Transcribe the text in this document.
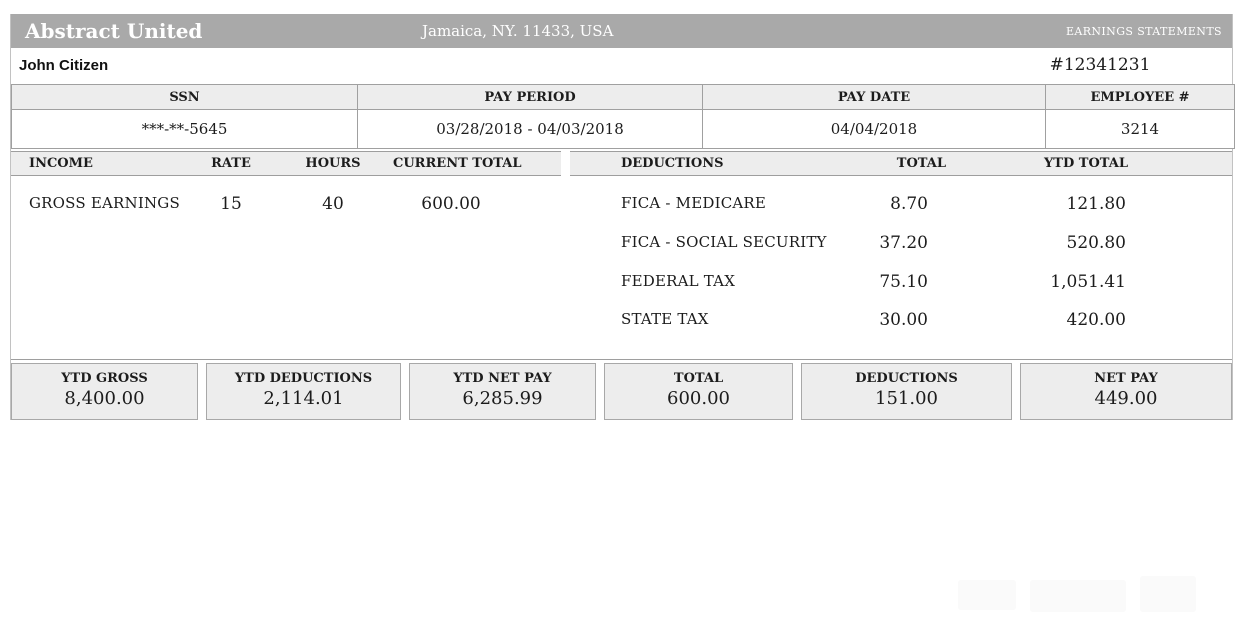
Abstract United	Jamaica, NY. 11433, USA	EARNINGS STATEMENTS
John Citizen	#12341231
SSN	PAY PERIOD	PAY DATE	EMPLOYEE #
***-**-5645	03/28/2018 - 04/03/2018	04/04/2018	3214
INCOME	RATE	HOURS	CURRENT TOTAL	DEDUCTIONS	TOTAL	YTD TOTAL
GROSS EARNINGS	15	40	600.00	FICA - MEDICARE	8.70	121.80
FICA - SOCIAL SECURITY	37.20	520.80
FEDERAL TAX	75.10	1,051.41
STATE TAX	30.00	420.00
YTD GROSS
8,400.00
YTD DEDUCTIONS
2,114.01
YTD NET PAY
6,285.99
TOTAL
600.00
DEDUCTIONS
151.00
NET PAY
449.00
